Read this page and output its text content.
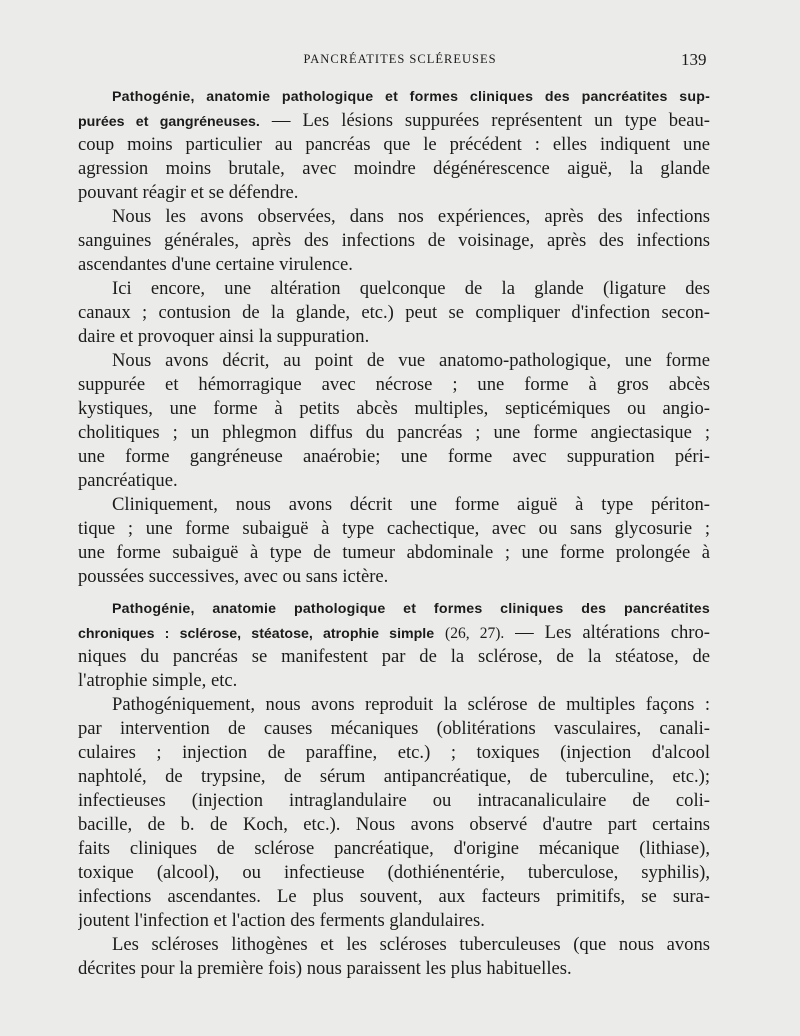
PANCRÉATITES SCLÉREUSES	139
Pathogénie, anatomie pathologique et formes cliniques des pancréatites sup-
purées et gangréneuses. — Les lésions suppurées représentent un type beau-
coup moins particulier au pancréas que le précédent : elles indiquent une
agression moins brutale, avec moindre dégénérescence aiguë, la glande
pouvant réagir et se défendre.
Nous les avons observées, dans nos expériences, après des infections
sanguines générales, après des infections de voisinage, après des infections
ascendantes d'une certaine virulence.
Ici encore, une altération quelconque de la glande (ligature des
canaux ; contusion de la glande, etc.) peut se compliquer d'infection secon-
daire et provoquer ainsi la suppuration.
Nous avons décrit, au point de vue anatomo-pathologique, une forme
suppurée et hémorragique avec nécrose ; une forme à gros abcès
kystiques, une forme à petits abcès multiples, septicémiques ou angio-
cholitiques ; un phlegmon diffus du pancréas ; une forme angiectasique ;
une forme gangréneuse anaérobie; une forme avec suppuration péri-
pancréatique.
Cliniquement, nous avons décrit une forme aiguë à type périton-
tique ; une forme subaiguë à type cachectique, avec ou sans glycosurie ;
une forme subaiguë à type de tumeur abdominale ; une forme prolongée à
poussées successives, avec ou sans ictère.
Pathogénie, anatomie pathologique et formes cliniques des pancréatites
chroniques : sclérose, stéatose, atrophie simple (26, 27). — Les altérations chro-
niques du pancréas se manifestent par de la sclérose, de la stéatose, de
l'atrophie simple, etc.
Pathogéniquement, nous avons reproduit la sclérose de multiples façons :
par intervention de causes mécaniques (oblitérations vasculaires, canali-
culaires ; injection de paraffine, etc.) ; toxiques (injection d'alcool
naphtolé, de trypsine, de sérum antipancréatique, de tuberculine, etc.);
infectieuses (injection intraglandulaire ou intracanaliculaire de coli-
bacille, de b. de Koch, etc.). Nous avons observé d'autre part certains
faits cliniques de sclérose pancréatique, d'origine mécanique (lithiase),
toxique (alcool), ou infectieuse (dothiénentérie, tuberculose, syphilis),
infections ascendantes. Le plus souvent, aux facteurs primitifs, se sura-
joutent l'infection et l'action des ferments glandulaires.
Les scléroses lithogènes et les scléroses tuberculeuses (que nous avons
décrites pour la première fois) nous paraissent les plus habituelles.
